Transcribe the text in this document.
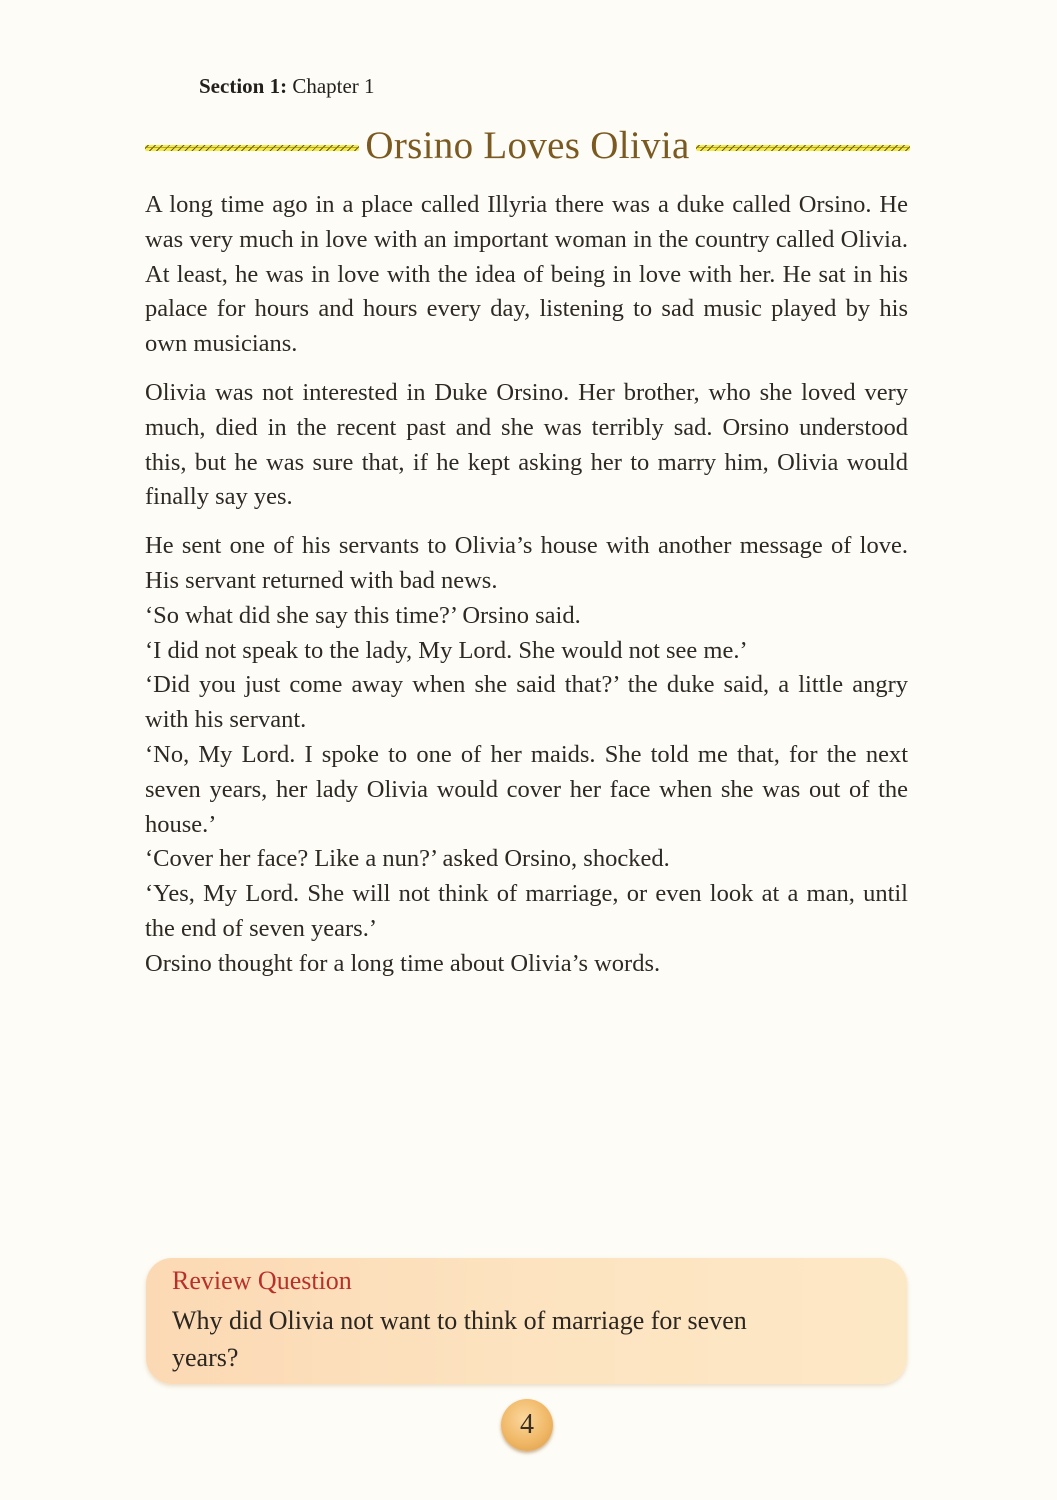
Section 1: Chapter 1
Orsino Loves Olivia

A long time ago in a place called Illyria there was a duke called Orsino. He was very much in love with an important woman in the country called Olivia. At least, he was in love with the idea of being in love with her. He sat in his palace for hours and hours every day, listening to sad music played by his own musicians.

Olivia was not interested in Duke Orsino. Her brother, who she loved very much, died in the recent past and she was terribly sad. Orsino understood this, but he was sure that, if he kept asking her to marry him, Olivia would finally say yes.

He sent one of his servants to Olivia’s house with another message of love. His servant returned with bad news.
‘So what did she say this time?’ Orsino said.
‘I did not speak to the lady, My Lord. She would not see me.’
‘Did you just come away when she said that?’ the duke said, a little angry with his servant.
‘No, My Lord. I spoke to one of her maids. She told me that, for the next seven years, her lady Olivia would cover her face when she was out of the house.’
‘Cover her face? Like a nun?’ asked Orsino, shocked.
‘Yes, My Lord. She will not think of marriage, or even look at a man, until the end of seven years.’
Orsino thought for a long time about Olivia’s words.
Review Question
Why did Olivia not want to think of marriage for seven years?
4
